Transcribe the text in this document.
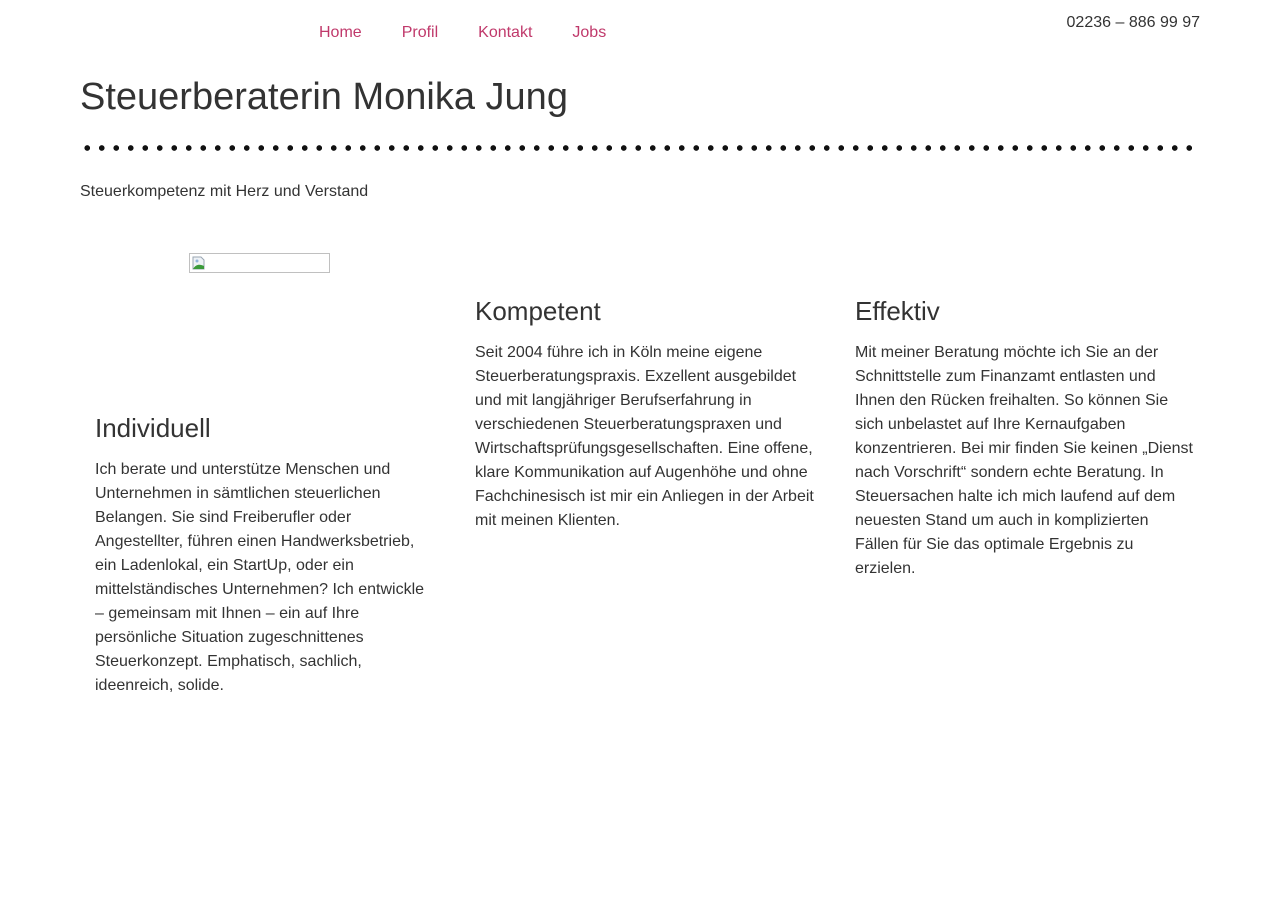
Home	Profil	Kontakt	Jobs
02236 – 886 99 97
Steuerberaterin Monika Jung
Steuerkompetenz mit Herz und Verstand
Individuell

Ich berate und unterstütze Menschen und Unternehmen in sämtlichen steuerlichen Belangen. Sie sind Freiberufler oder Angestellter, führen einen Handwerksbetrieb, ein Ladenlokal, ein StartUp, oder ein mittelständisches Unternehmen? Ich entwickle – gemeinsam mit Ihnen – ein auf Ihre persönliche Situation zugeschnittenes Steuerkonzept. Emphatisch, sachlich, ideenreich, solide.

Kompetent

Seit 2004 führe ich in Köln meine eigene Steuerberatungspraxis. Exzellent ausgebildet und mit langjähriger Berufserfahrung in verschiedenen Steuerberatungspraxen und Wirtschaftsprüfungsgesellschaften. Eine offene, klare Kommunikation auf Augenhöhe und ohne Fachchinesisch ist mir ein Anliegen in der Arbeit mit meinen Klienten.

Effektiv

Mit meiner Beratung möchte ich Sie an der Schnittstelle zum Finanzamt entlasten und Ihnen den Rücken freihalten. So können Sie sich unbelastet auf Ihre Kernaufgaben konzentrieren. Bei mir finden Sie keinen „Dienst nach Vorschrift“ sondern echte Beratung. In Steuersachen halte ich mich laufend auf dem neuesten Stand um auch in komplizierten Fällen für Sie das optimale Ergebnis zu erzielen.
